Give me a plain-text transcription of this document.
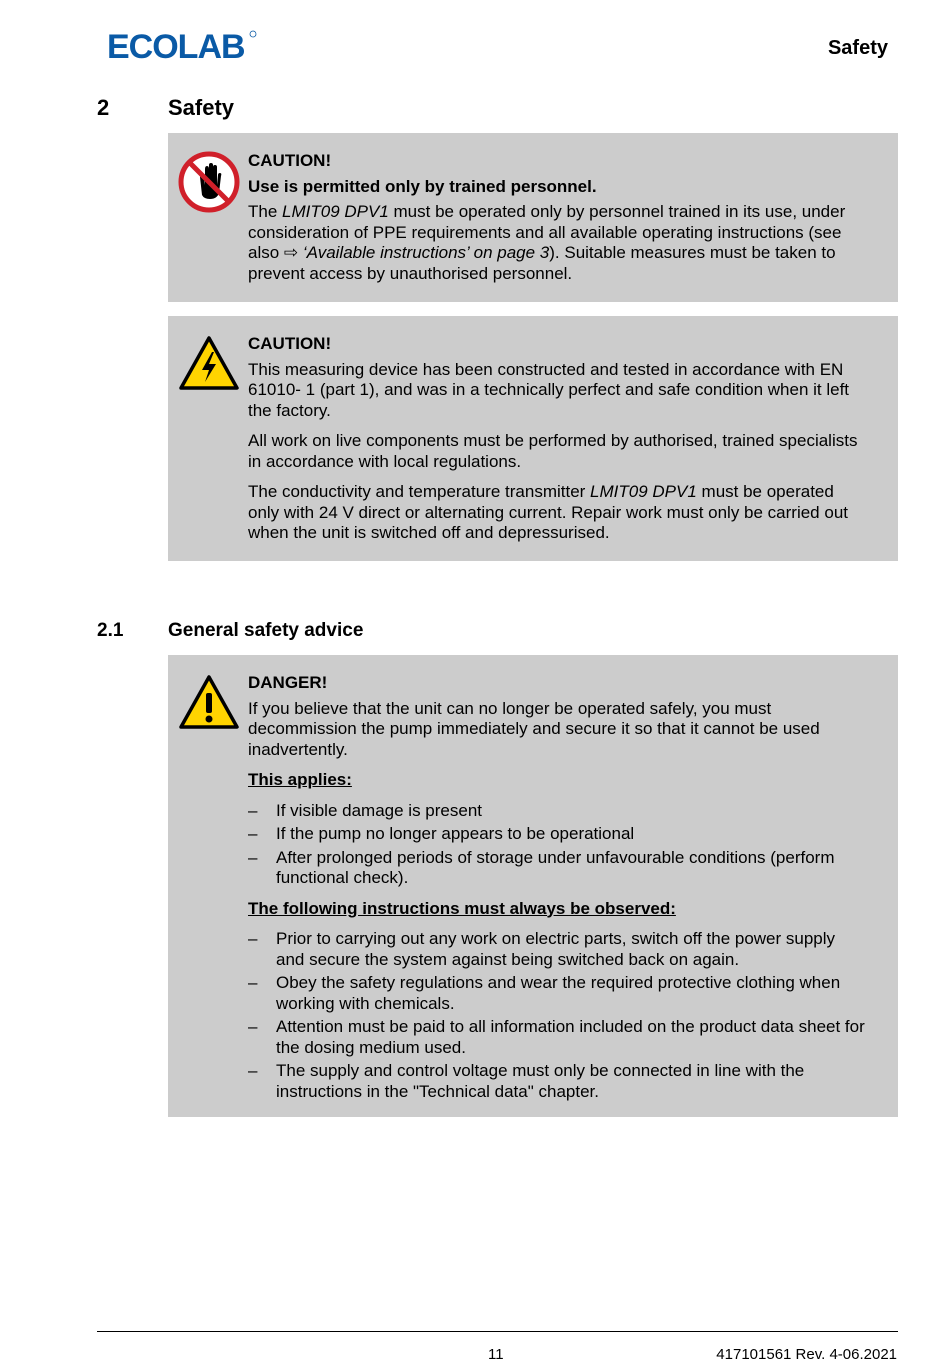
ECOLAB	Safety
2	Safety

CAUTION!

Use is permitted only by trained personnel.

The LMIT09 DPV1 must be operated only by personnel trained in its use, under consideration of PPE requirements and all available operating instructions (see also ⇨ ‘Available instructions’ on page 3). Suitable measures must be taken to prevent access by unauthorised personnel.

CAUTION!

This measuring device has been constructed and tested in accordance with EN 61010- 1 (part 1), and was in a technically perfect and safe condition when it left the factory.

All work on live components must be performed by authorised, trained specialists in accordance with local regulations.

The conductivity and temperature transmitter LMIT09 DPV1 must be operated only with 24 V direct or alternating current. Repair work must only be carried out when the unit is switched off and depressurised.

2.1 General safety advice

DANGER!

If you believe that the unit can no longer be operated safely, you must decommission the pump immediately and secure it so that it cannot be used inadvertently.

This applies:

– If visible damage is present
– If the pump no longer appears to be operational
– After prolonged periods of storage under unfavourable conditions (perform functional check).

The following instructions must always be observed:

– Prior to carrying out any work on electric parts, switch off the power supply and secure the system against being switched back on again.
– Obey the safety regulations and wear the required protective clothing when working with chemicals.
– Attention must be paid to all information included on the product data sheet for the dosing medium used.
– The supply and control voltage must only be connected in line with the instructions in the "Technical data" chapter.
11	417101561 Rev. 4-06.2021
